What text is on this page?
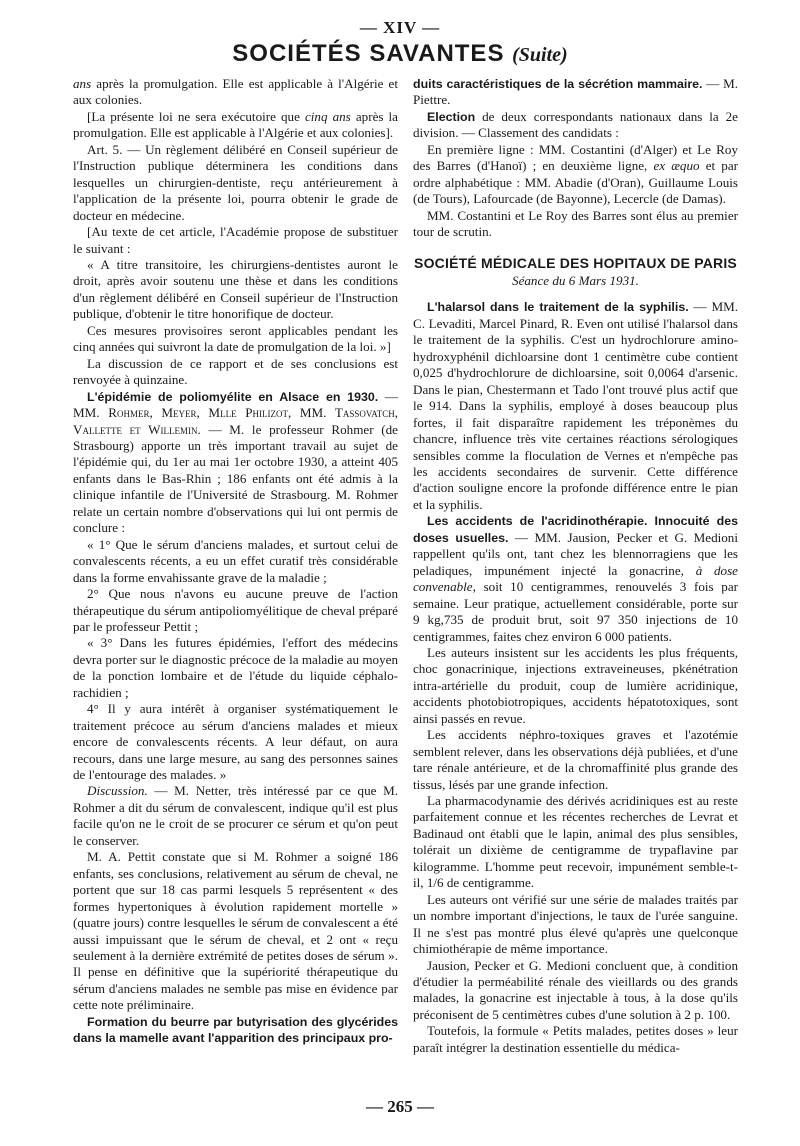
— XIV —
SOCIÉTÉS SAVANTES (Suite)

ans après la promulgation. Elle est applicable à l'Algérie et aux colonies.

[La présente loi ne sera exécutoire que cinq ans après la promulgation. Elle est applicable à l'Algérie et aux colonies].

Art. 5. — Un règlement délibéré en Conseil supérieur de l'Instruction publique déterminera les conditions dans lesquelles un chirurgien-dentiste, reçu antérieurement à l'application de la présente loi, pourra obtenir le grade de docteur en médecine.

[Au texte de cet article, l'Académie propose de substituer le suivant :

« A titre transitoire, les chirurgiens-dentistes auront le droit, après avoir soutenu une thèse et dans les conditions d'un règlement délibéré en Conseil supérieur de l'Instruction publique, d'obtenir le titre honorifique de docteur.

Ces mesures provisoires seront applicables pendant les cinq années qui suivront la date de promulgation de la loi. »]

La discussion de ce rapport et de ses conclusions est renvoyée à quinzaine.

L'épidémie de poliomyélite en Alsace en 1930. — MM. Rohmer, Meyer, Mlle Philizot, MM. Tassovatch, Vallette et Willemin. — M. le professeur Rohmer (de Strasbourg) apporte un très important travail au sujet de l'épidémie qui, du 1er au mai 1er octobre 1930, a atteint 405 enfants dans le Bas-Rhin ; 186 enfants ont été admis à la clinique infantile de l'Université de Strasbourg. M. Rohmer relate un certain nombre d'observations qui lui ont permis de conclure :

« 1° Que le sérum d'anciens malades, et surtout celui de convalescents récents, a eu un effet curatif très considérable dans la forme envahissante grave de la maladie ;

2° Que nous n'avons eu aucune preuve de l'action thérapeutique du sérum antipoliomyélitique de cheval préparé par le professeur Pettit ;

« 3° Dans les futures épidémies, l'effort des médecins devra porter sur le diagnostic précoce de la maladie au moyen de la ponction lombaire et de l'étude du liquide céphalo-rachidien ;

4° Il y aura intérêt à organiser systématiquement le traitement précoce au sérum d'anciens malades et mieux encore de convalescents récents. A leur défaut, on aura recours, dans une large mesure, au sang des personnes saines de l'entourage des malades. »

Discussion. — M. Netter, très intéressé par ce que M. Rohmer a dit du sérum de convalescent, indique qu'il est plus facile qu'on ne le croit de se procurer ce sérum et qu'on peut le conserver.

M. A. Pettit constate que si M. Rohmer a soigné 186 enfants, ses conclusions, relativement au sérum de cheval, ne portent que sur 18 cas parmi lesquels 5 représentent « des formes hypertoniques à évolution rapidement mortelle » (quatre jours) contre lesquelles le sérum de convalescent a été aussi impuissant que le sérum de cheval, et 2 ont « reçu seulement à la dernière extrémité de petites doses de sérum ». Il pense en définitive que la supériorité thérapeutique du sérum d'anciens malades ne semble pas mise en évidence par cette note préliminaire.

Formation du beurre par butyrisation des glycérides dans la mamelle avant l'apparition des principaux pro-

duits caractéristiques de la sécrétion mammaire. — M. Piettre.

Election de deux correspondants nationaux dans la 2e division. — Classement des candidats :

En première ligne : MM. Costantini (d'Alger) et Le Roy des Barres (d'Hanoï) ; en deuxième ligne, ex æquo et par ordre alphabétique : MM. Abadie (d'Oran), Guillaume Louis (de Tours), Lafourcade (de Bayonne), Lecercle (de Damas).

MM. Costantini et Le Roy des Barres sont élus au premier tour de scrutin.

SOCIÉTÉ MÉDICALE DES HOPITAUX DE PARIS

Séance du 6 Mars 1931.

L'halarsol dans le traitement de la syphilis. — MM. C. Levaditi, Marcel Pinard, R. Even ont utilisé l'halarsol dans le traitement de la syphilis. C'est un hydrochlorure amino-hydroxyphénil dichloarsine dont 1 centimètre cube contient 0,025 d'hydrochlorure de dichloarsine, soit 0,0064 d'arsenic. Dans le pian, Chestermann et Tado l'ont trouvé plus actif que le 914. Dans la syphilis, employé à doses beaucoup plus fortes, il fait disparaître rapidement les tréponèmes du chancre, influence très vite certaines réactions sérologiques sensibles comme la floculation de Vernes et n'empêche pas les accidents secondaires de survenir. Cette différence d'action souligne encore la profonde différence entre le pian et la syphilis.

Les accidents de l'acridinothérapie. Innocuité des doses usuelles. — MM. Jausion, Pecker et G. Medioni rappellent qu'ils ont, tant chez les blennorragiens que les peladiques, impunément injecté la gonacrine, à dose convenable, soit 10 centigrammes, renouvelés 3 fois par semaine. Leur pratique, actuellement considérable, porte sur 9 kg,735 de produit brut, soit 97 350 injections de 10 centigrammes, faites chez environ 6 000 patients.

Les auteurs insistent sur les accidents les plus fréquents, choc gonacrinique, injections extraveineuses, pkénétration intra-artérielle du produit, coup de lumière acridinique, accidents photobiotropiques, accidents hépatotoxiques, sont ainsi passés en revue.

Les accidents néphro-toxiques graves et l'azotémie semblent relever, dans les observations déjà publiées, et d'une tare rénale antérieure, et de la chromaffinité plus grande des tissus, lésés par une grande infection.

La pharmacodynamie des dérivés acridiniques est au reste parfaitement connue et les récentes recherches de Levrat et Badinaud ont établi que le lapin, animal des plus sensibles, tolérait un dixième de centigramme de trypaflavine par kilogramme. L'homme peut recevoir, impunément semble-t-il, 1/6 de centigramme.

Les auteurs ont vérifié sur une série de malades traités par un nombre important d'injections, le taux de l'urée sanguine. Il ne s'est pas montré plus élevé qu'après une quelconque chimiothérapie de même importance.

Jausion, Pecker et G. Medioni concluent que, à condition d'étudier la perméabilité rénale des vieillards ou des grands malades, la gonacrine est injectable à tous, à la dose qu'ils préconisent de 5 centimètres cubes d'une solution à 2 p. 100.

Toutefois, la formule « Petits malades, petites doses » leur paraît intégrer la destination essentielle du médica-

— 265 —
